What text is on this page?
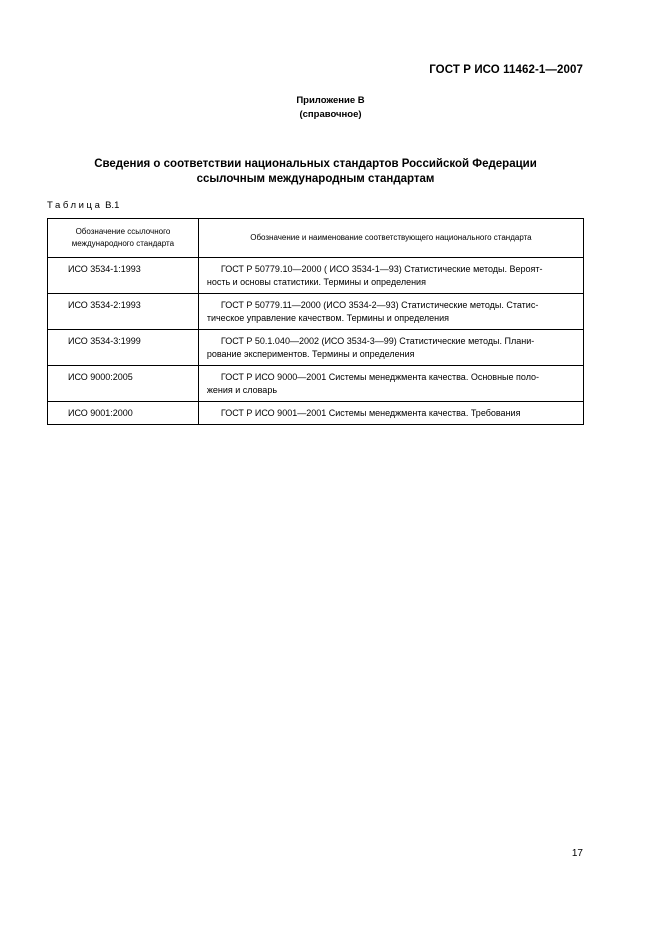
ГОСТ Р ИСО 11462-1—2007
Приложение В
(справочное)
Сведения о соответствии национальных стандартов Российской Федерации
ссылочным международным стандартам
Таблица В.1
Обозначение ссылочного международного стандарта	Обозначение и наименование соответствующего национального стандарта
ИСО 3534-1:1993	ГОСТ Р 50779.10—2000 ( ИСО 3534-1—93) Статистические методы. Вероят-
ность и основы статистики. Термины и определения
ИСО 3534-2:1993	ГОСТ Р 50779.11—2000 (ИСО 3534-2—93) Статистические методы. Статис-
тическое управление качеством. Термины и определения
ИСО 3534-3:1999	ГОСТ Р 50.1.040—2002 (ИСО 3534-3—99) Статистические методы. Плани-
рование экспериментов. Термины и определения
ИСО 9000:2005	ГОСТ Р ИСО 9000—2001 Системы менеджмента качества. Основные поло-
жения и словарь
ИСО 9001:2000	ГОСТ Р ИСО 9001—2001 Системы менеджмента качества. Требования
17
